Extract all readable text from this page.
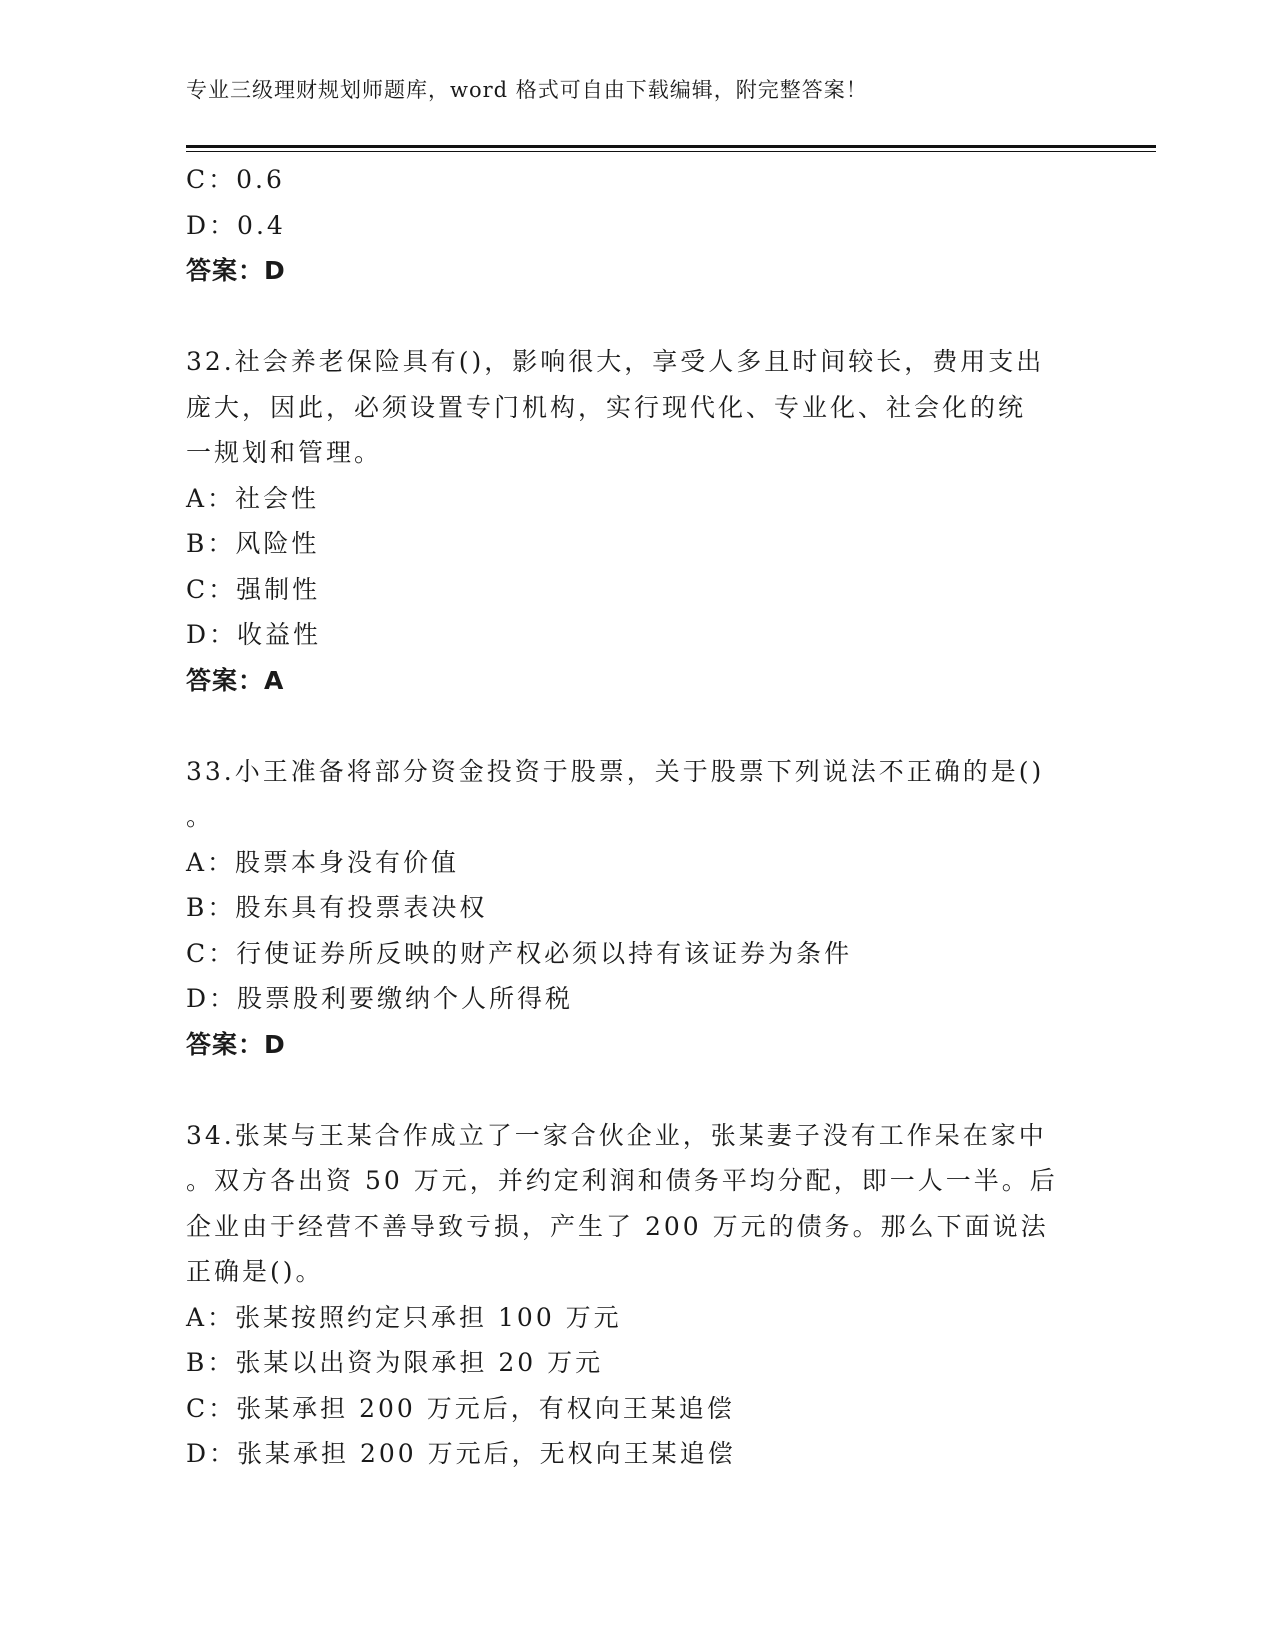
专业三级理财规划师题库，word 格式可自由下载编辑，附完整答案！
C：0.6
D：0.4
答案：D
32.社会养老保险具有()，影响很大，享受人多且时间较长，费用支出
庞大，因此，必须设置专门机构，实行现代化、专业化、社会化的统
一规划和管理。
A：社会性
B：风险性
C：强制性
D：收益性
答案：A
33.小王准备将部分资金投资于股票，关于股票下列说法不正确的是()
。
A：股票本身没有价值
B：股东具有投票表决权
C：行使证券所反映的财产权必须以持有该证券为条件
D：股票股利要缴纳个人所得税
答案：D
34.张某与王某合作成立了一家合伙企业，张某妻子没有工作呆在家中
。双方各出资 50 万元，并约定利润和债务平均分配，即一人一半。后
企业由于经营不善导致亏损，产生了 200 万元的债务。那么下面说法
正确是()。
A：张某按照约定只承担 100 万元
B：张某以出资为限承担 20 万元
C：张某承担 200 万元后，有权向王某追偿
D：张某承担 200 万元后，无权向王某追偿
